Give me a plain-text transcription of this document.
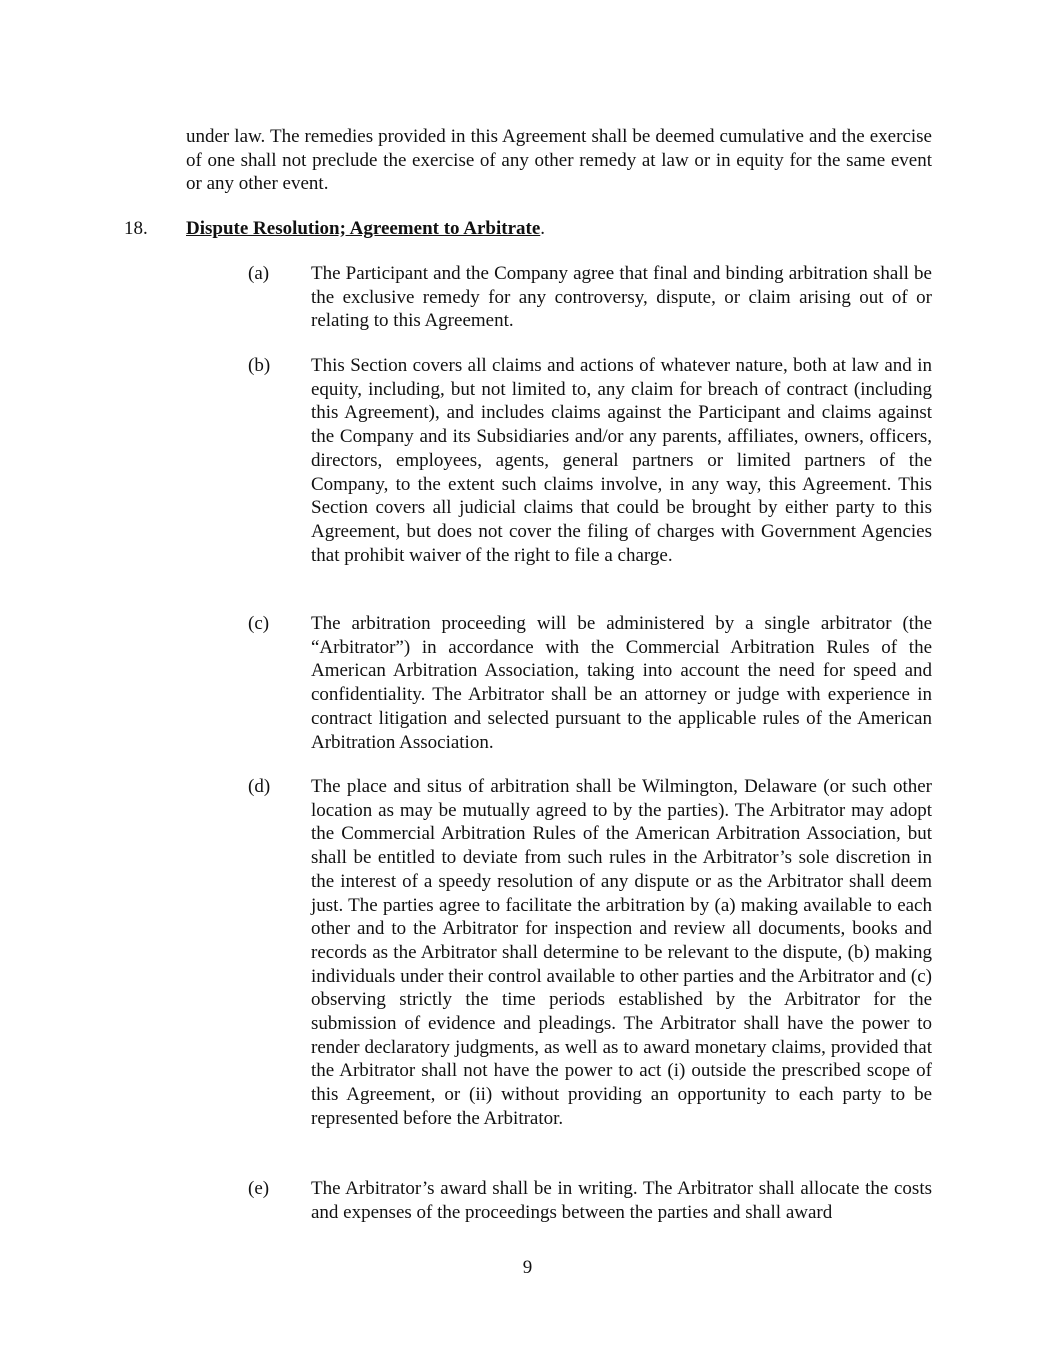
under law. The remedies provided in this Agreement shall be deemed cumulative and the exercise of one shall not preclude the exercise of any other remedy at law or in equity for the same event or any other event.

18. Dispute Resolution; Agreement to Arbitrate.
(a) The Participant and the Company agree that final and binding arbitration shall be the exclusive remedy for any controversy, dispute, or claim arising out of or relating to this Agreement.

(b) This Section covers all claims and actions of whatever nature, both at law and in equity, including, but not limited to, any claim for breach of contract (including this Agreement), and includes claims against the Participant and claims against the Company and its Subsidiaries and/or any parents, affiliates, owners, officers, directors, employees, agents, general partners or limited partners of the Company, to the extent such claims involve, in any way, this Agreement. This Section covers all judicial claims that could be brought by either party to this Agreement, but does not cover the filing of charges with Government Agencies that prohibit waiver of the right to file a charge.

(c) The arbitration proceeding will be administered by a single arbitrator (the “Arbitrator”) in accordance with the Commercial Arbitration Rules of the American Arbitration Association, taking into account the need for speed and confidentiality. The Arbitrator shall be an attorney or judge with experience in contract litigation and selected pursuant to the applicable rules of the American Arbitration Association.

(d) The place and situs of arbitration shall be Wilmington, Delaware (or such other location as may be mutually agreed to by the parties). The Arbitrator may adopt the Commercial Arbitration Rules of the American Arbitration Association, but shall be entitled to deviate from such rules in the Arbitrator’s sole discretion in the interest of a speedy resolution of any dispute or as the Arbitrator shall deem just. The parties agree to facilitate the arbitration by (a) making available to each other and to the Arbitrator for inspection and review all documents, books and records as the Arbitrator shall determine to be relevant to the dispute, (b) making individuals under their control available to other parties and the Arbitrator and (c) observing strictly the time periods established by the Arbitrator for the submission of evidence and pleadings. The Arbitrator shall have the power to render declaratory judgments, as well as to award monetary claims, provided that the Arbitrator shall not have the power to act (i) outside the prescribed scope of this Agreement, or (ii) without providing an opportunity to each party to be represented before the Arbitrator.

(e) The Arbitrator’s award shall be in writing. The Arbitrator shall allocate the costs and expenses of the proceedings between the parties and shall award

9
